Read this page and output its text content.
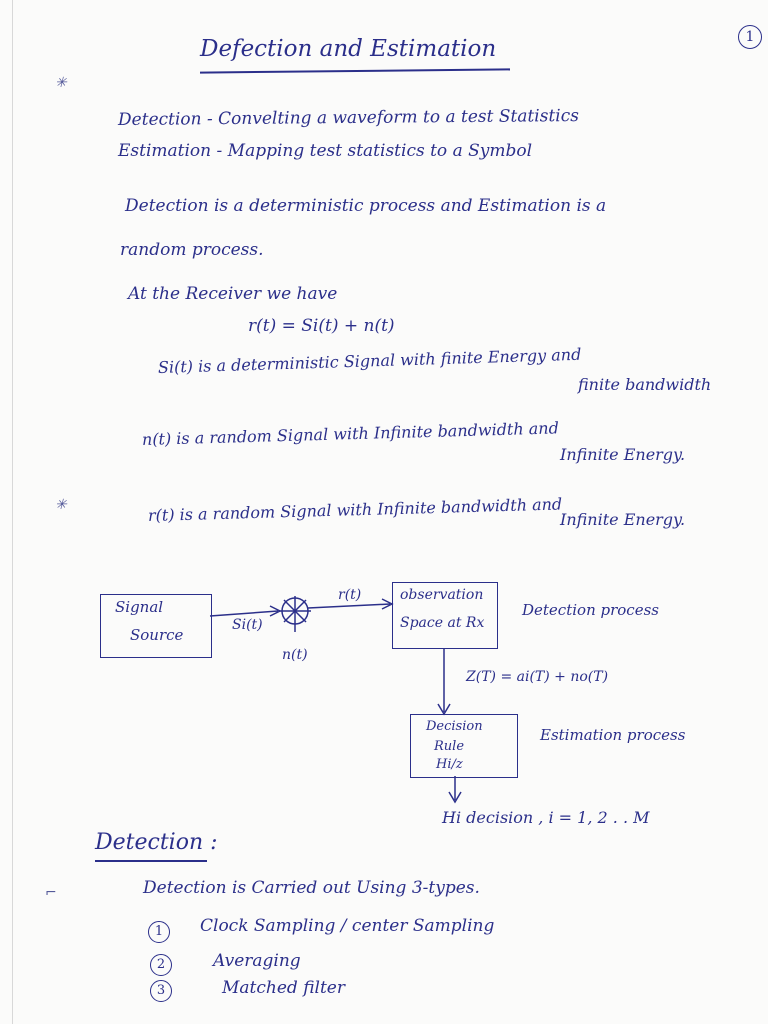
1
Defection and Estimation
✳
✳
⌐
Detection - Convelting a waveform to a test Statistics
Estimation - Mapping test statistics to a Symbol
Detection is a deterministic process and Estimation is a
random process.
At the Receiver we have
r(t) = Si(t) + n(t)
Si(t) is a deterministic Signal with finite Energy and
finite bandwidth
n(t) is a random Signal with Infinite bandwidth and
Infinite Energy.
r(t) is a random Signal with Infinite bandwidth and
Infinite Energy.
Signal
Source
Si(t)
r(t)
n(t)
observation
Space at Rx
Detection process
Z(T) = ai(T) + no(T)
Decision
Rule
Hi/z
Estimation process
Hi decision , i = 1, 2 . . M
Detection :
Detection is Carried out Using 3-types.
1	Clock Sampling / center Sampling
2	Averaging
3	Matched filter
